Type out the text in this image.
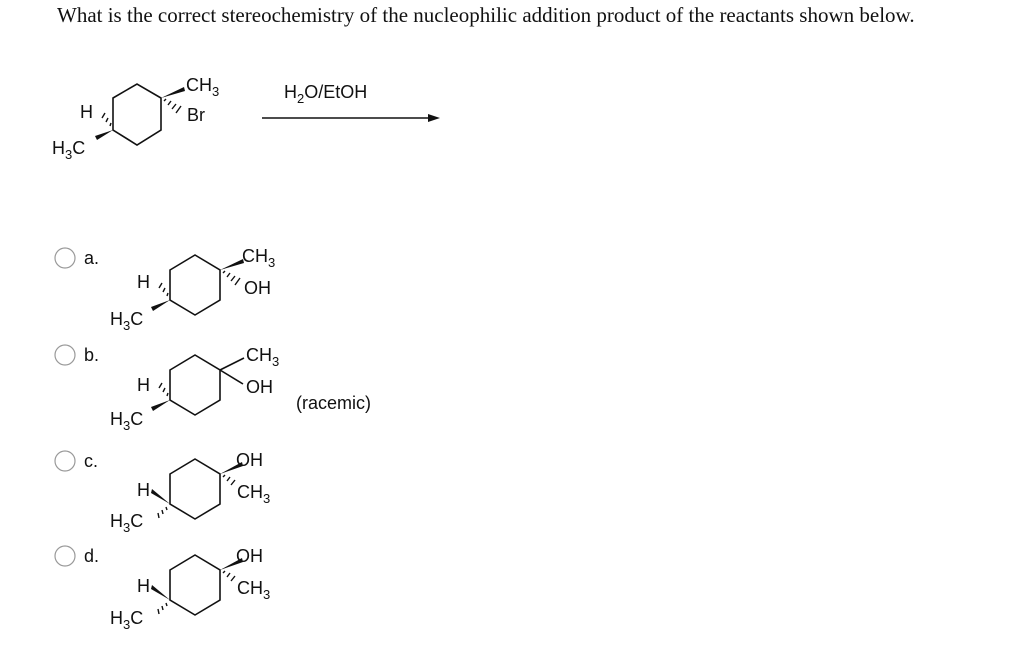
What is the correct stereochemistry of the nucleophilic addition product of the reactants shown below.
$CH_3$
Br
H
$H_3C$
$H_2O$/EtOH
a.	$CH_3$
OH
H
$H_3C$
b.	$CH_3$
OH
H
$H_3C$
(racemic)
c.	OH
$CH_3$
H
$H_3C$
d.	OH
$CH_3$
H
$H_3C$
